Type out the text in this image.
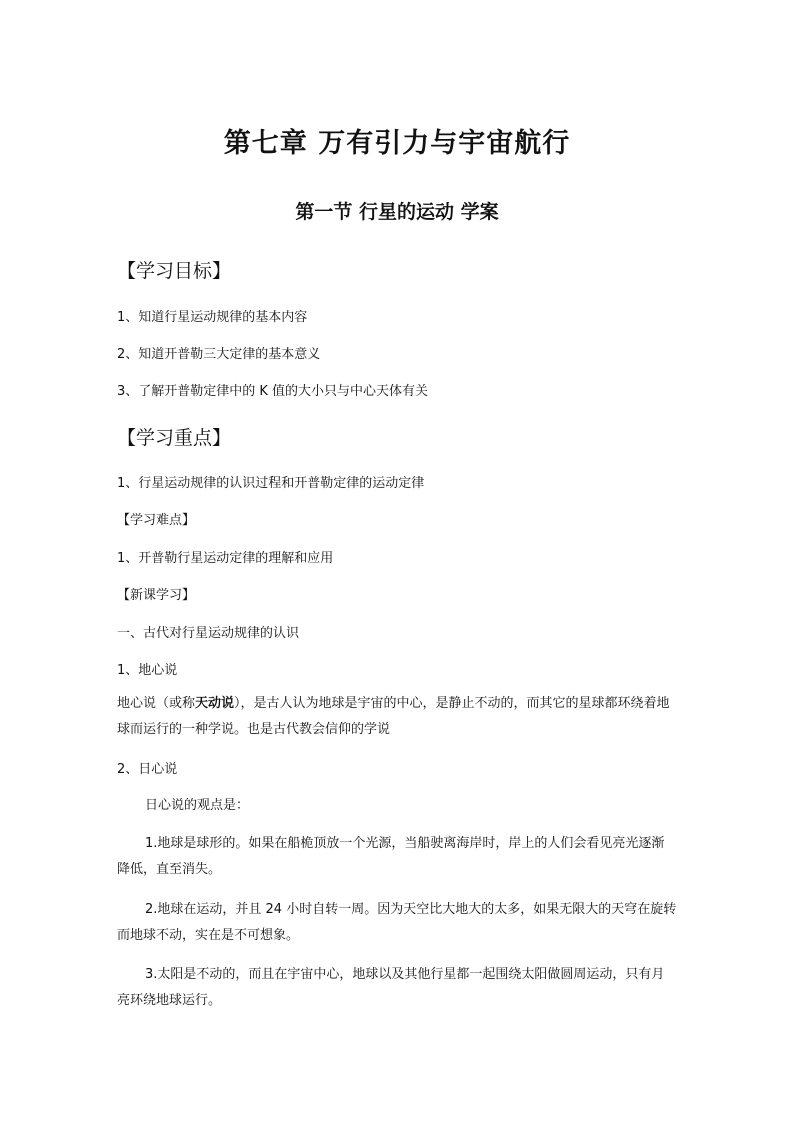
第七章 万有引力与宇宙航行
第一节 行星的运动 学案
【学习目标】
1、知道行星运动规律的基本内容
2、知道开普勒三大定律的基本意义
3、了解开普勒定律中的 K 值的大小只与中心天体有关
【学习重点】
1、行星运动规律的认识过程和开普勒定律的运动定律
【学习难点】
1、开普勒行星运动定律的理解和应用
【新课学习】
一、古代对行星运动规律的认识
1、地心说
地心说（或称天动说），是古人认为地球是宇宙的中心，是静止不动的，而其它的星球都环绕着地球而运行的一种学说。也是古代教会信仰的学说
2、日心说
日心说的观点是：
1.地球是球形的。如果在船桅顶放一个光源，当船驶离海岸时，岸上的人们会看见亮光逐渐降低，直至消失。
2.地球在运动，并且 24 小时自转一周。因为天空比大地大的太多，如果无限大的天穹在旋转而地球不动，实在是不可想象。
3.太阳是不动的，而且在宇宙中心，地球以及其他行星都一起围绕太阳做圆周运动，只有月亮环绕地球运行。
